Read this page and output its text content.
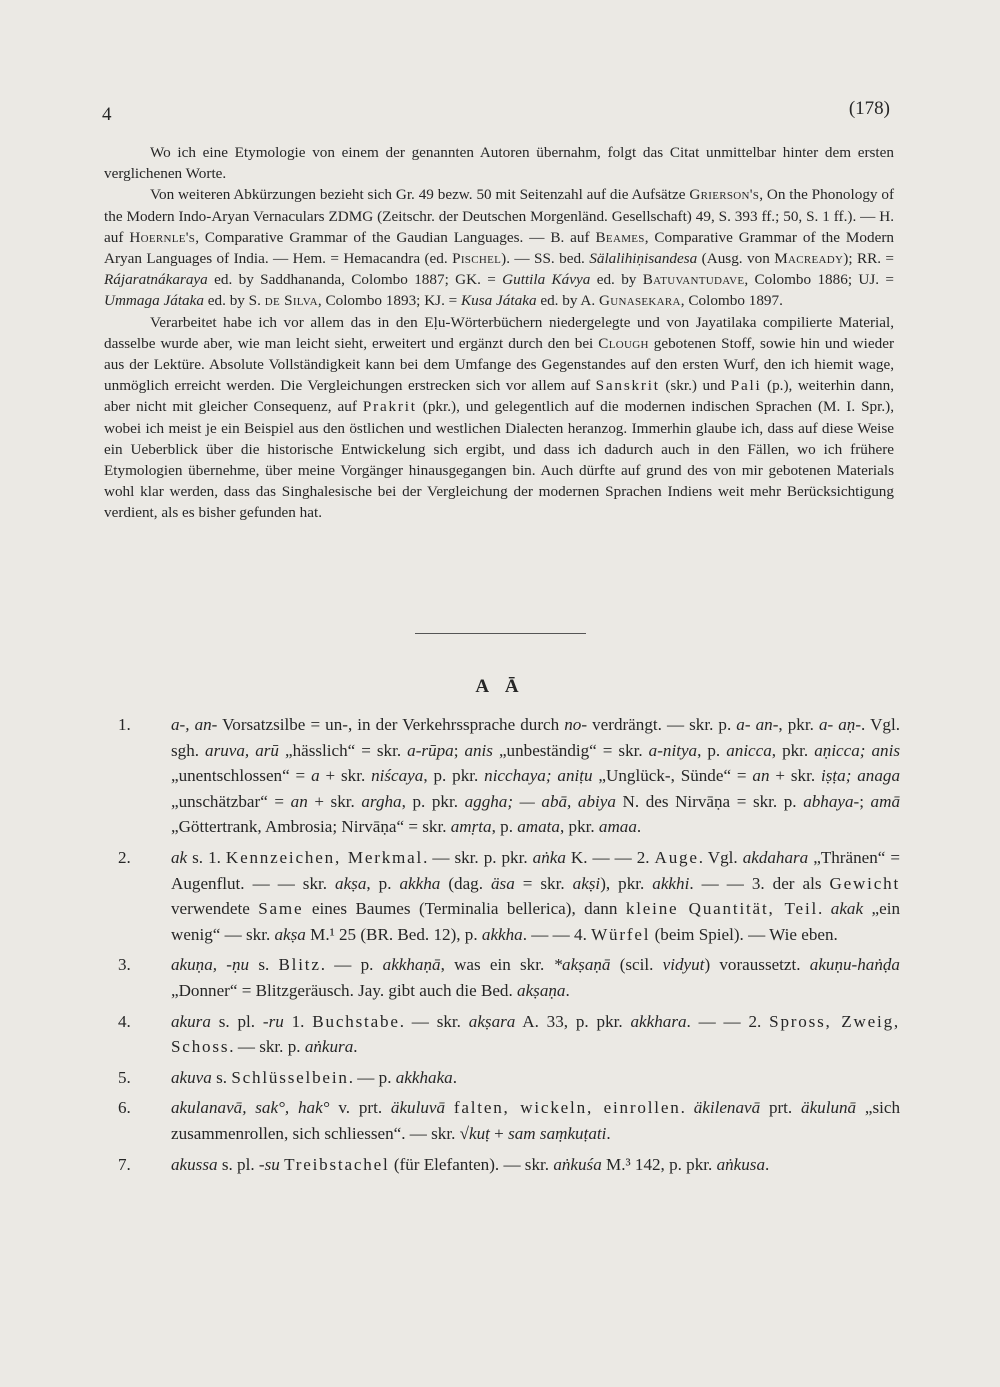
4	(178)

Wo ich eine Etymologie von einem der genannten Autoren übernahm, folgt das Citat unmittelbar hinter dem ersten verglichenen Worte.

Von weiteren Abkürzungen bezieht sich Gr. 49 bezw. 50 mit Seitenzahl auf die Aufsätze Grierson's, On the Phonology of the Modern Indo-Aryan Vernaculars ZDMG (Zeitschr. der Deutschen Morgenländ. Gesellschaft) 49, S. 393 ff.; 50, S. 1 ff.). — H. auf Hoernle's, Comparative Grammar of the Gaudian Languages. — B. auf Beames, Comparative Grammar of the Modern Aryan Languages of India. — Hem. = Hemacandra (ed. Pischel). — SS. bed. Sälalihiṇisandesa (Ausg. von Macready); RR. = Rájaratnákaraya ed. by Saddhananda, Colombo 1887; GK. = Guttila Kávya ed. by Batuvantudave, Colombo 1886; UJ. = Ummaga Játaka ed. by S. de Silva, Colombo 1893; KJ. = Kusa Játaka ed. by A. Gunasekara, Colombo 1897.

Verarbeitet habe ich vor allem das in den Eḷu-Wörterbüchern niedergelegte und von Jayatilaka compilierte Material, dasselbe wurde aber, wie man leicht sieht, erweitert und ergänzt durch den bei Clough gebotenen Stoff, sowie hin und wieder aus der Lektüre. Absolute Vollständigkeit kann bei dem Umfange des Gegenstandes auf den ersten Wurf, den ich hiemit wage, unmöglich erreicht werden. Die Vergleichungen erstrecken sich vor allem auf Sanskrit (skr.) und Pali (p.), weiterhin dann, aber nicht mit gleicher Consequenz, auf Prakrit (pkr.), und gelegentlich auf die modernen indischen Sprachen (M. I. Spr.), wobei ich meist je ein Beispiel aus den östlichen und westlichen Dialecten heranzog. Immerhin glaube ich, dass auf diese Weise ein Ueberblick über die historische Entwickelung sich ergibt, und dass ich dadurch auch in den Fällen, wo ich frühere Etymologien übernehme, über meine Vorgänger hinausgegangen bin. Auch dürfte auf grund des von mir gebotenen Materials wohl klar werden, dass das Singhalesische bei der Vergleichung der modernen Sprachen Indiens weit mehr Berücksichtigung verdient, als es bisher gefunden hat.

A Ā
1. a-, an- Vorsatzsilbe = un-, in der Verkehrssprache durch no- verdrängt. — skr. p. a- an-, pkr. a- aṇ-. Vgl. sgh. aruva, arū „hässlich“ = skr. a-rūpa; anis „unbeständig“ = skr. a-nitya, p. anicca, pkr. aṇicca; anis „unentschlossen“ = a + skr. niścaya, p. pkr. nicchaya; aniṭu „Unglück-, Sünde“ = an + skr. iṣṭa; anaga „unschätzbar“ = an + skr. argha, p. pkr. aggha; — abā, abiya N. des Nirvāṇa = skr. p. abhaya-; amā „Göttertrank, Ambrosia; Nirvāṇa“ = skr. amṛta, p. amata, pkr. amaa.
2. ak s. 1. Kennzeichen, Merkmal. — skr. p. pkr. aṅka K. — — 2. Auge. Vgl. akdahara „Thränen“ = Augenflut. — — skr. akṣa, p. akkha (dag. äsa = skr. akṣi), pkr. akkhi. — — 3. der als Gewicht verwendete Same eines Baumes (Terminalia bellerica), dann kleine Quantität, Teil. akak „ein wenig“ — skr. akṣa M.¹ 25 (BR. Bed. 12), p. akkha. — — 4. Würfel (beim Spiel). — Wie eben.
3. akuṇa, -ṇu s. Blitz. — p. akkhaṇā, was ein skr. *akṣaṇā (scil. vidyut) voraussetzt. akuṇu-haṅḍa „Donner“ = Blitzgeräusch. Jay. gibt auch die Bed. akṣaṇa.
4. akura s. pl. -ru 1. Buchstabe. — skr. akṣara A. 33, p. pkr. akkhara. — — 2. Spross, Zweig, Schoss. — skr. p. aṅkura.
5. akuva s. Schlüsselbein. — p. akkhaka.
6. akulanavā, sak°, hak° v. prt. äkuluvā falten, wickeln, einrollen. äkilenavā prt. äkulunā „sich zusammenrollen, sich schliessen“. — skr. √kuṭ + sam saṃkuṭati.
7. akussa s. pl. -su Treibstachel (für Elefanten). — skr. aṅkuśa M.³ 142, p. pkr. aṅkusa.
